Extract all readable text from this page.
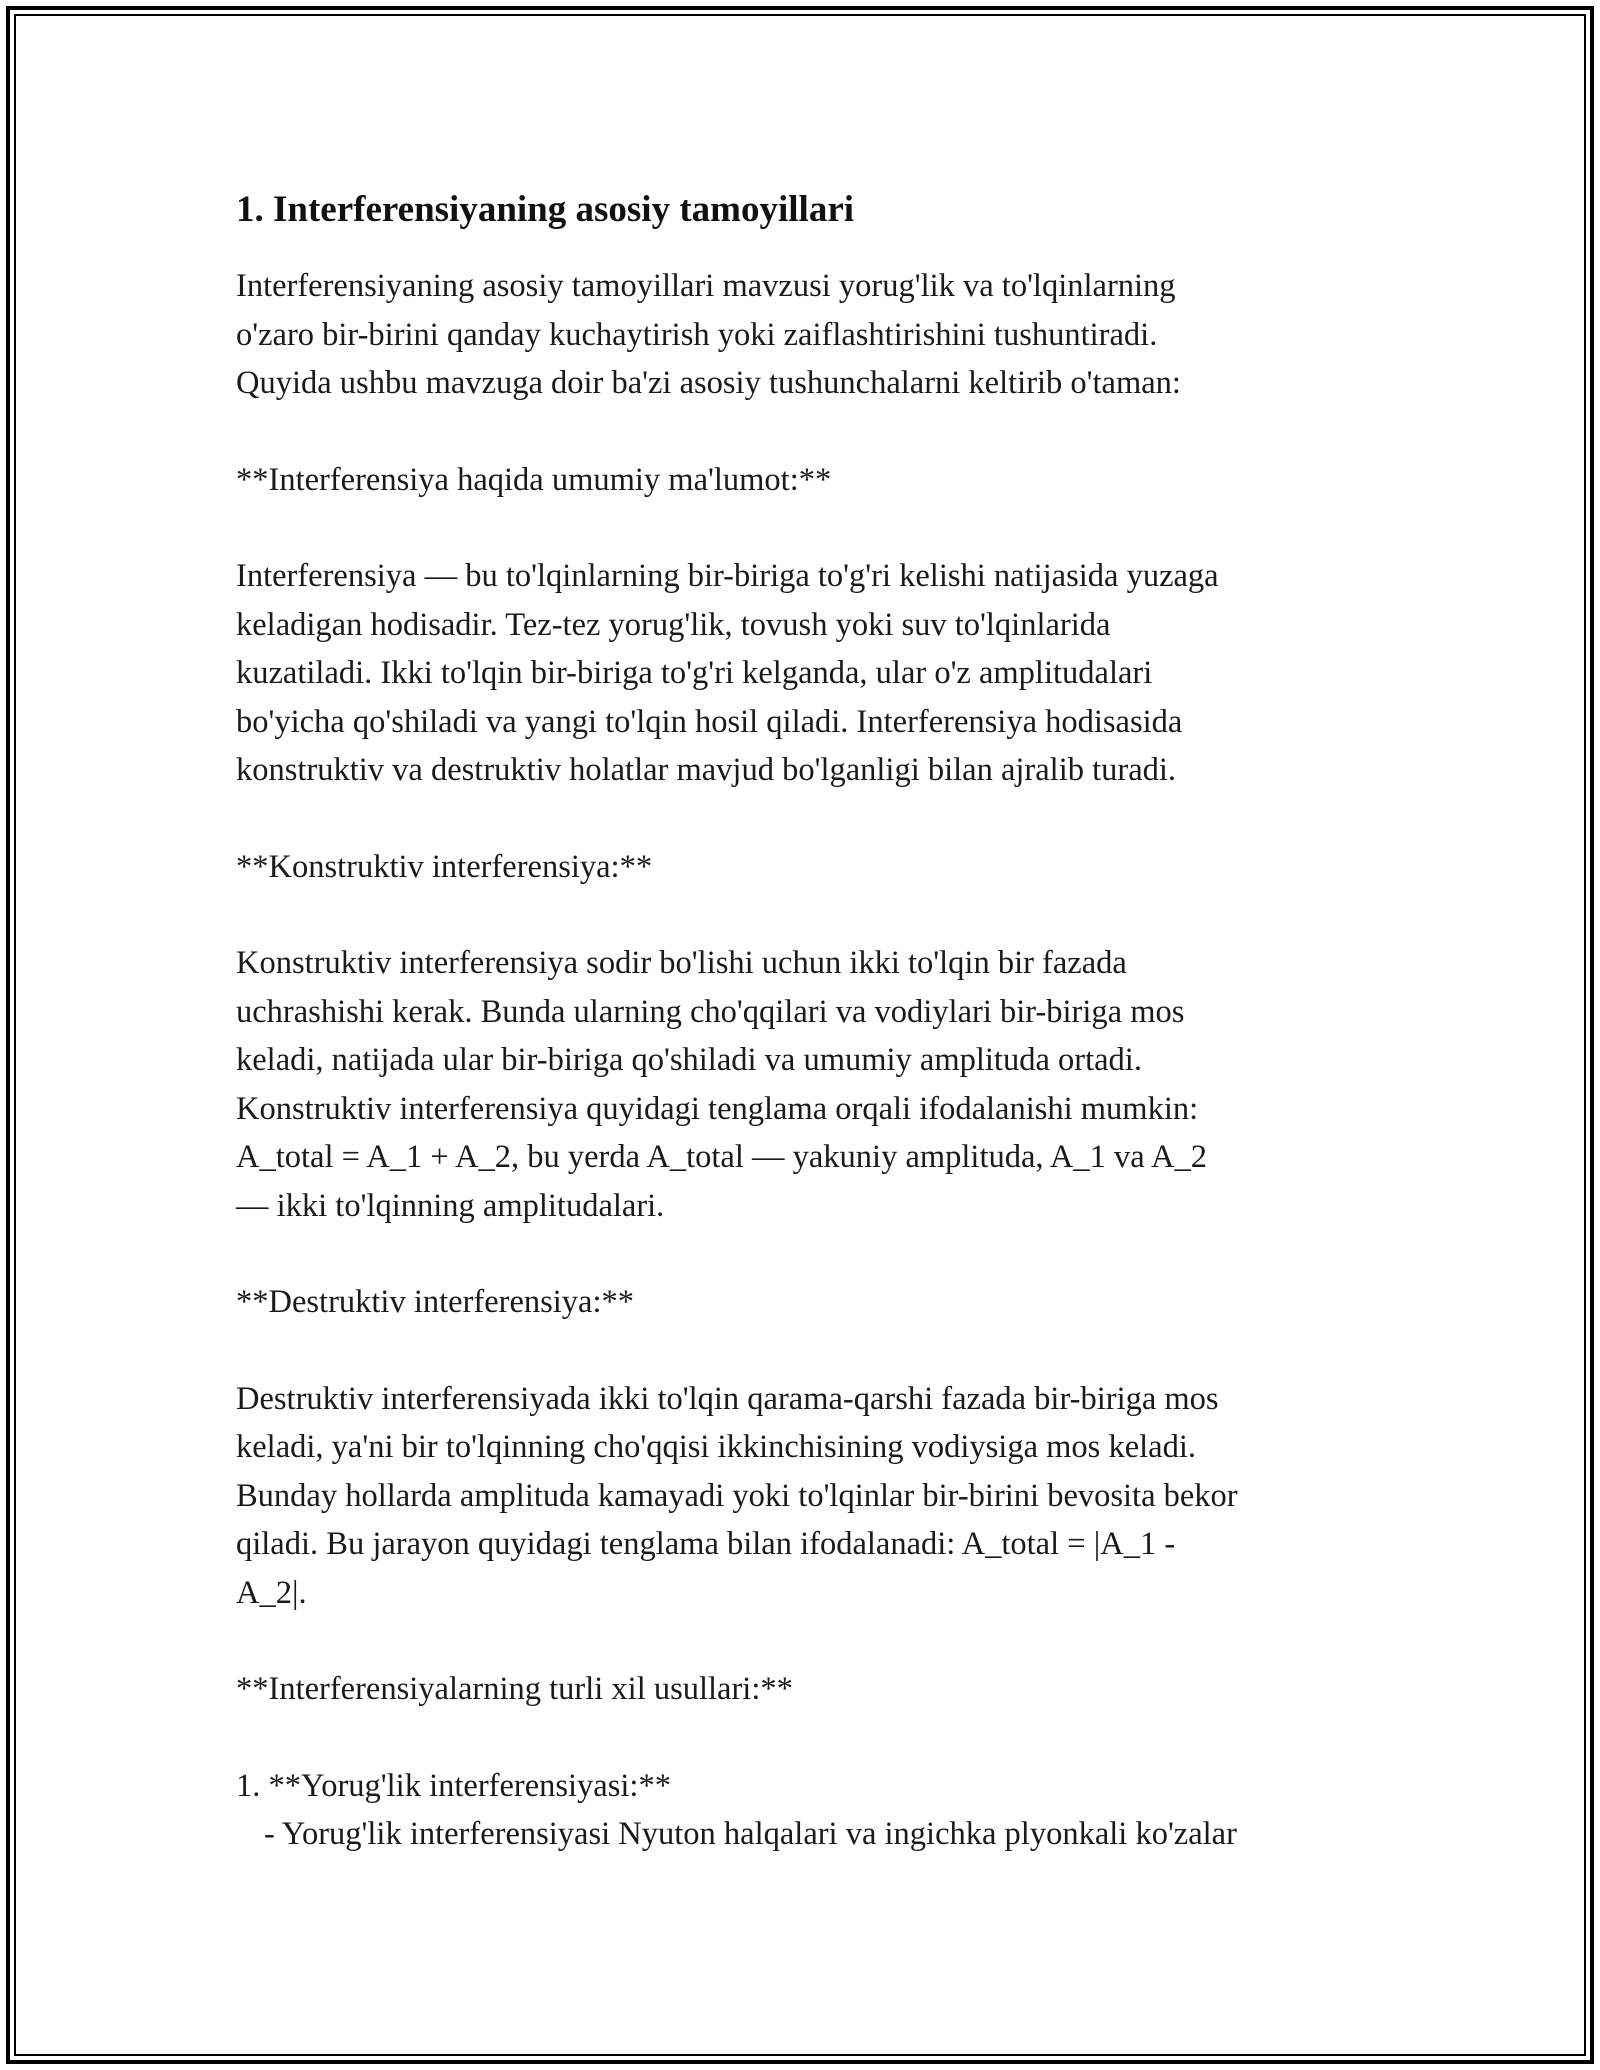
1. Interferensiyaning asosiy tamoyillari

Interferensiyaning asosiy tamoyillari mavzusi yorug'lik va to'lqinlarning
o'zaro bir-birini qanday kuchaytirish yoki zaiflashtirishini tushuntiradi.
Quyida ushbu mavzuga doir ba'zi asosiy tushunchalarni keltirib o'taman:

**Interferensiya haqida umumiy ma'lumot:**

Interferensiya — bu to'lqinlarning bir-biriga to'g'ri kelishi natijasida yuzaga
keladigan hodisadir. Tez-tez yorug'lik, tovush yoki suv to'lqinlarida
kuzatiladi. Ikki to'lqin bir-biriga to'g'ri kelganda, ular o'z amplitudalari
bo'yicha qo'shiladi va yangi to'lqin hosil qiladi. Interferensiya hodisasida
konstruktiv va destruktiv holatlar mavjud bo'lganligi bilan ajralib turadi.

**Konstruktiv interferensiya:**

Konstruktiv interferensiya sodir bo'lishi uchun ikki to'lqin bir fazada
uchrashishi kerak. Bunda ularning cho'qqilari va vodiylari bir-biriga mos
keladi, natijada ular bir-biriga qo'shiladi va umumiy amplituda ortadi.
Konstruktiv interferensiya quyidagi tenglama orqali ifodalanishi mumkin:
A_total = A_1 + A_2, bu yerda A_total — yakuniy amplituda, A_1 va A_2
— ikki to'lqinning amplitudalari.

**Destruktiv interferensiya:**

Destruktiv interferensiyada ikki to'lqin qarama-qarshi fazada bir-biriga mos
keladi, ya'ni bir to'lqinning cho'qqisi ikkinchisining vodiysiga mos keladi.
Bunday hollarda amplituda kamayadi yoki to'lqinlar bir-birini bevosita bekor
qiladi. Bu jarayon quyidagi tenglama bilan ifodalanadi: A_total = |A_1 -
A_2|.

**Interferensiyalarning turli xil usullari:**

1. **Yorug'lik interferensiyasi:**

- Yorug'lik interferensiyasi Nyuton halqalari va ingichka plyonkali ko'zalar
